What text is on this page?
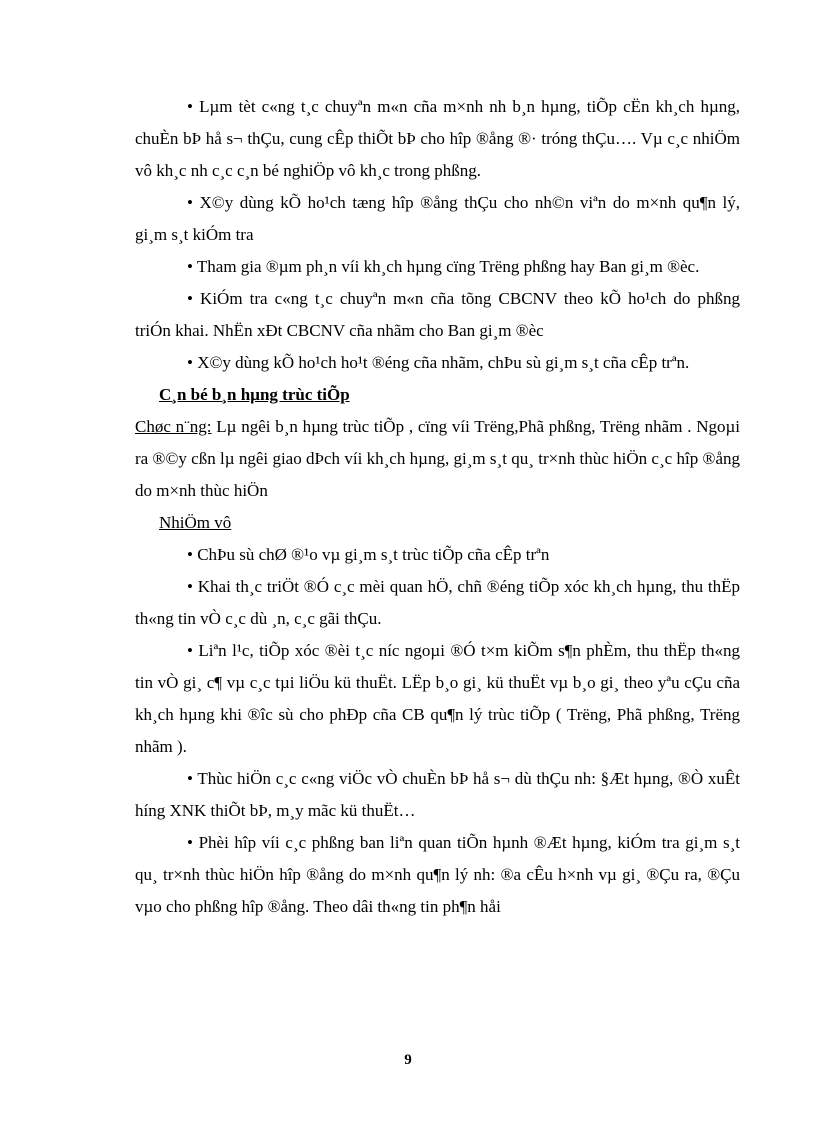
• Lµm tèt c«ng t¸c chuyªn m«n cña m×nh nh b¸n hµng, tiÕp cËn kh¸ch hµng, chuÈn bÞ hå s¬ thÇu, cung cÊp thiÕt bÞ cho hîp ®ång ®· tróng thÇu…. Vµ c¸c nhiÖm vô kh¸c nh c¸c c¸n bé nghiÖp vô kh¸c trong phßng.

• X©y dùng kÕ ho¹ch tæng hîp ®ång thÇu cho nh©n viªn do m×nh qu¶n lý, gi¸m s¸t kiÓm tra

• Tham gia ®µm ph¸n víi kh¸ch hµng cïng Trëng phßng hay Ban gi¸m ®èc.

• KiÓm tra c«ng t¸c chuyªn m«n cña tõng CBCNV theo kÕ ho¹ch do phßng triÓn khai. NhËn xÐt CBCNV cña nhãm cho Ban gi¸m ®èc

• X©y dùng kÕ ho¹ch ho¹t ®éng cña nhãm, chÞu sù gi¸m s¸t cña cÊp trªn.

C¸n bé b¸n hµng trùc tiÕp

Chøc n¨ng: Lµ ngêi b¸n hµng trùc tiÕp , cïng víi Trëng,Phã phßng, Trëng nhãm . Ngoµi ra ®©y cßn lµ ngêi giao dÞch víi kh¸ch hµng, gi¸m s¸t qu¸ tr×nh thùc hiÖn c¸c hîp ®ång do m×nh thùc hiÖn

NhiÖm vô

• ChÞu sù chØ ®¹o vµ gi¸m s¸t trùc tiÕp cña cÊp trªn

• Khai th¸c triÖt ®Ó c¸c mèi quan hÖ, chñ ®éng tiÕp xóc kh¸ch hµng, thu thËp th«ng tin vÒ c¸c dù ¸n, c¸c gãi thÇu.

• Liªn l¹c, tiÕp xóc ®èi t¸c níc ngoµi ®Ó t×m kiÕm s¶n phÈm, thu thËp th«ng tin vÒ gi¸ c¶ vµ c¸c tµi liÖu kü thuËt. LËp b¸o gi¸ kü thuËt vµ b¸o gi¸ theo yªu cÇu cña kh¸ch hµng khi ®îc sù cho phÐp cña CB qu¶n lý trùc tiÕp ( Trëng, Phã phßng, Trëng nhãm ).

• Thùc hiÖn c¸c c«ng viÖc vÒ chuÈn bÞ hå s¬ dù thÇu nh: §Æt hµng, ®Ò xuÊt híng XNK thiÕt bÞ, m¸y mãc kü thuËt…

• Phèi hîp víi c¸c phßng ban liªn quan tiÕn hµnh ®Æt hµng, kiÓm tra gi¸m s¸t qu¸ tr×nh thùc hiÖn hîp ®ång do m×nh qu¶n lý nh: ®a cÊu h×nh vµ gi¸ ®Çu ra, ®Çu vµo cho phßng hîp ®ång. Theo dâi th«ng tin ph¶n håi

9
